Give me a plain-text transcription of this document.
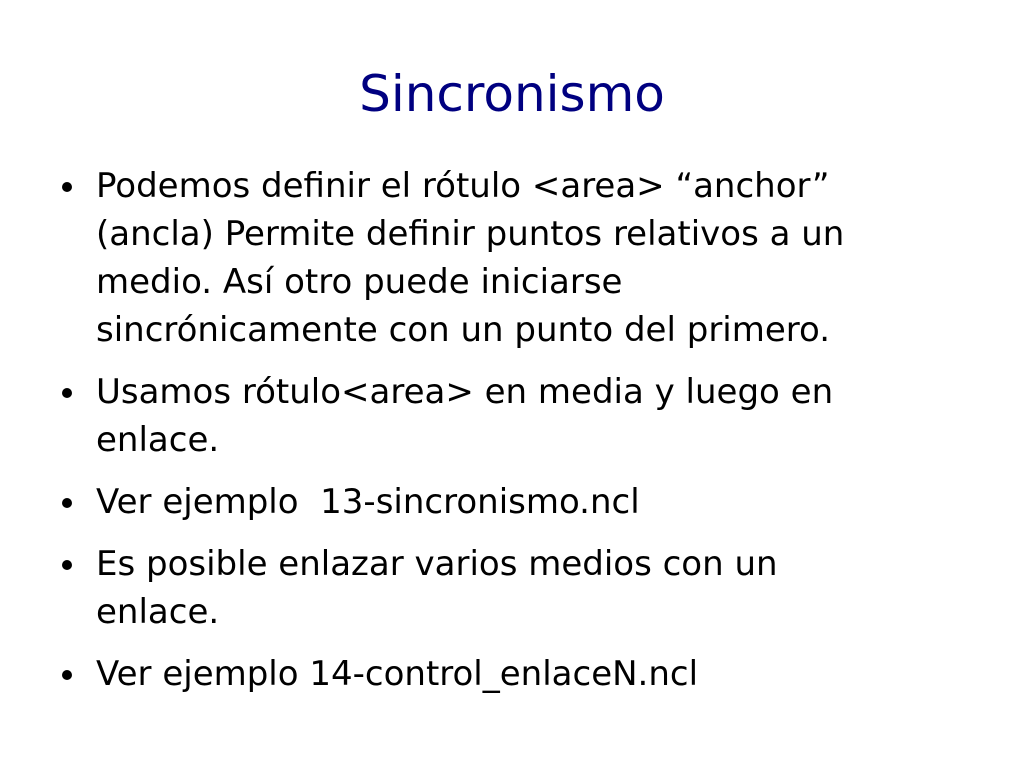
Sincronismo
Podemos definir el rótulo <area> “anchor”
(ancla) Permite definir puntos relativos a un
medio. Así otro puede iniciarse
sincrónicamente con un punto del primero.
Usamos rótulo<area> en media y luego en
enlace.
Ver ejemplo  13-sincronismo.ncl
Es posible enlazar varios medios con un
enlace.
Ver ejemplo 14-control_enlaceN.ncl
